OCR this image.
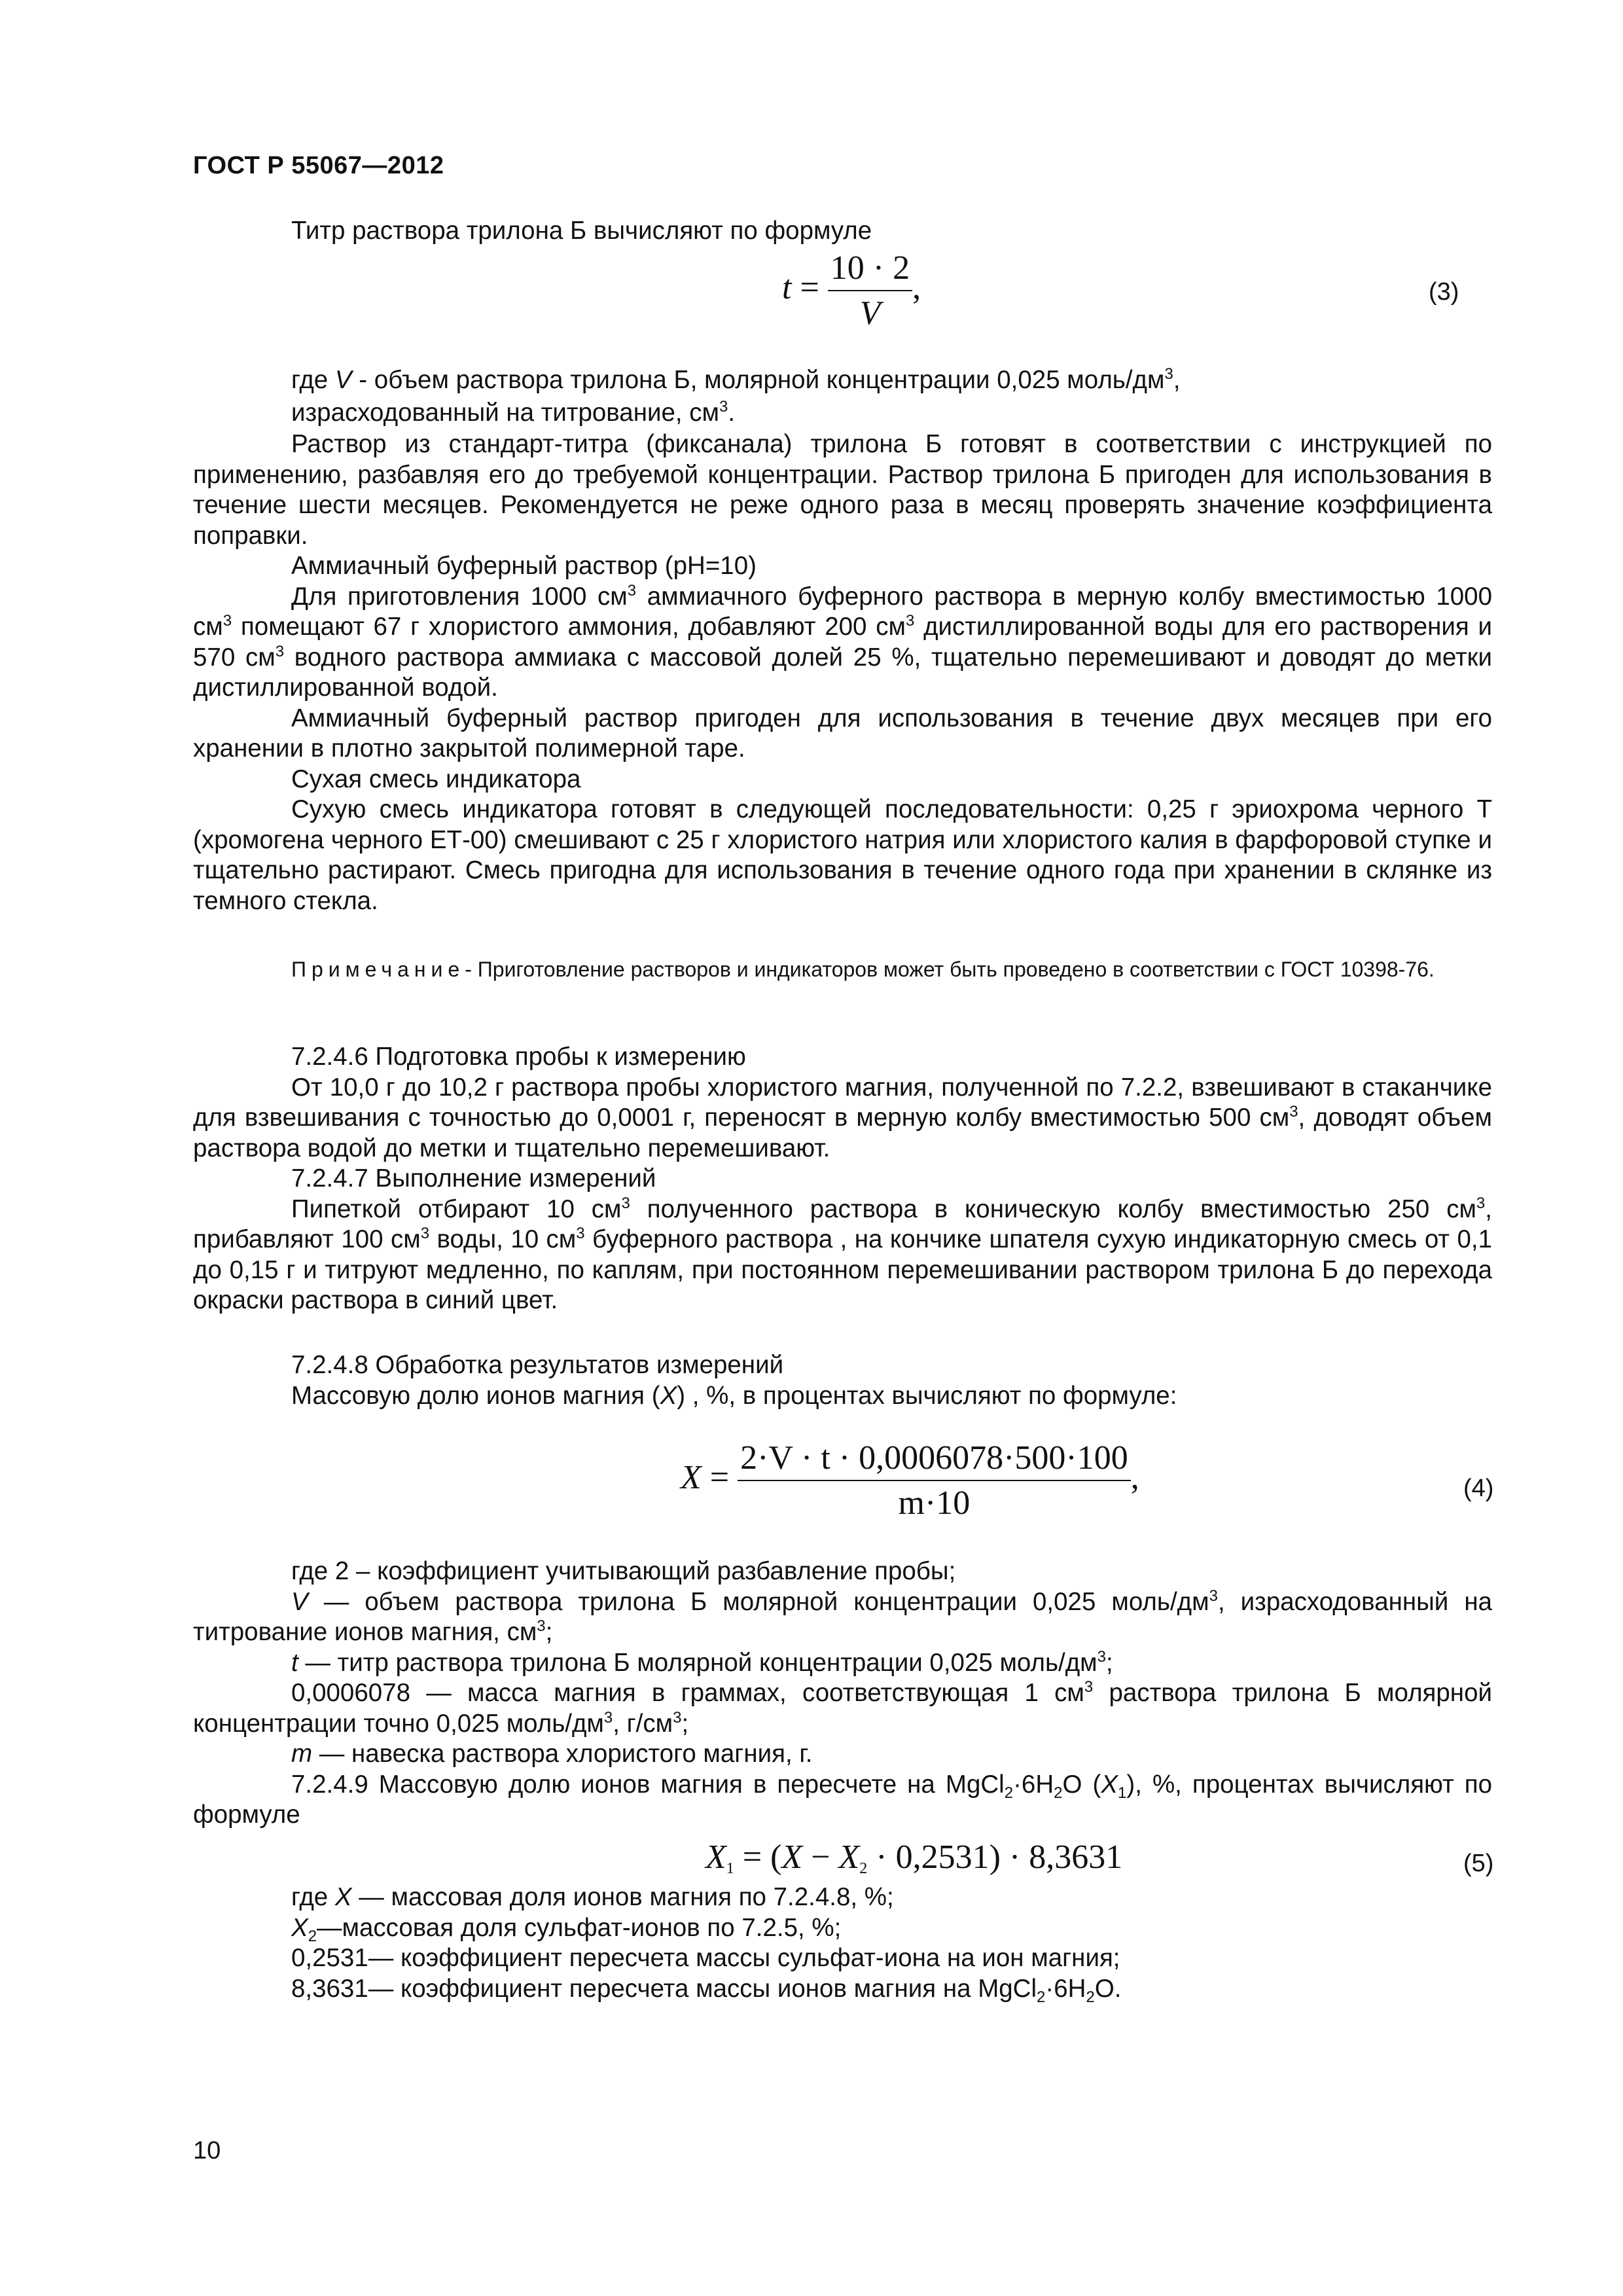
ГОСТ Р 55067—2012
Титр раствора трилона Б вычисляют по формуле
$t = \frac{10 \cdot 2}{V}$ ,	(3)
где V - объем раствора трилона Б, молярной концентрации 0,025 моль/$дм^3$,
израсходованный на титрование, $см^3$.

Раствор из стандарт-титра (фиксанала) трилона Б готовят в соответствии с инструкцией по применению, разбавляя его до требуемой концентрации. Раствор трилона Б пригоден для использования в течение шести месяцев. Рекомендуется не реже одного раза в месяц проверять значение коэффициента поправки.

Аммиачный буферный раствор (рН=10)

Для приготовления 1000 $см^3$ аммиачного буферного раствора в мерную колбу вместимостью 1000 $см^3$ помещают 67 г хлористого аммония, добавляют 200 $см^3$ дистиллированной воды для его растворения и 570 $см^3$ водного раствора аммиака с массовой долей 25 %, тщательно перемешивают и доводят до метки дистиллированной водой.

Аммиачный буферный раствор пригоден для использования в течение двух месяцев при его хранении в плотно закрытой полимерной таре.

Сухая смесь индикатора

Сухую смесь индикатора готовят в следующей последовательности: 0,25 г эриохрома черного Т (хромогена черного ЕТ-00) смешивают с 25 г хлористого натрия или хлористого калия в фарфоровой ступке и тщательно растирают. Смесь пригодна для использования в течение одного года при хранении в склянке из темного стекла.

Примечание- Приготовление растворов и индикаторов может быть проведено в соответствии с ГОСТ 10398-76.

7.2.4.6 Подготовка пробы к измерению

От 10,0 г до 10,2 г раствора пробы хлористого магния, полученной по 7.2.2, взвешивают в стаканчике для взвешивания с точностью до 0,0001 г, переносят в мерную колбу вместимостью 500 $см^3$, доводят объем раствора водой до метки и тщательно перемешивают.

7.2.4.7 Выполнение измерений

Пипеткой отбирают 10 $см^3$ полученного раствора в коническую колбу вместимостью 250 $см^3$, прибавляют 100 $см^3$ воды, 10 $см^3$ буферного раствора , на кончике шпателя сухую индикаторную смесь от 0,1 до 0,15 г и титруют медленно, по каплям, при постоянном перемешивании раствором трилона Б до перехода окраски раствора в синий цвет.

7.2.4.8 Обработка результатов измерений

Массовую долю ионов магния (X) , %, в процентах вычисляют по формуле:

$X = \frac{2\cdot V \cdot t \cdot 0,0006078\cdot 500\cdot 100}{m\cdot 10}$ ,	(4)

где 2 – коэффициент учитывающий разбавление пробы;

V — объем раствора трилона Б молярной концентрации 0,025 моль/$дм^3$, израсходованный на титрование ионов магния, $см^3$;

t — титр раствора трилона Б молярной концентрации 0,025 моль/$дм^3$;

0,0006078 — масса магния в граммах, соответствующая 1 $см^3$ раствора трилона Б молярной концентрации точно 0,025 моль/$дм^3$, $г/см^3$;

m — навеска раствора хлористого магния, г.

7.2.4.9 Массовую долю ионов магния в пересчете на $MgCl_2\cdot 6H_2O$ $(X_1)$, %, процентах вычисляют по формуле

$X_1 = (X - X_2 \cdot 0,2531) \cdot 8,3631$	(5)

где X — массовая доля ионов магния по 7.2.4.8, %;

$X_2—массовая$ доля сульфат-ионов по 7.2.5, %;

0,2531— коэффициент пересчета массы сульфат-иона на ион магния;

8,3631— коэффициент пересчета массы ионов магния на $MgCl_2\cdot 6H_2O$.

10
